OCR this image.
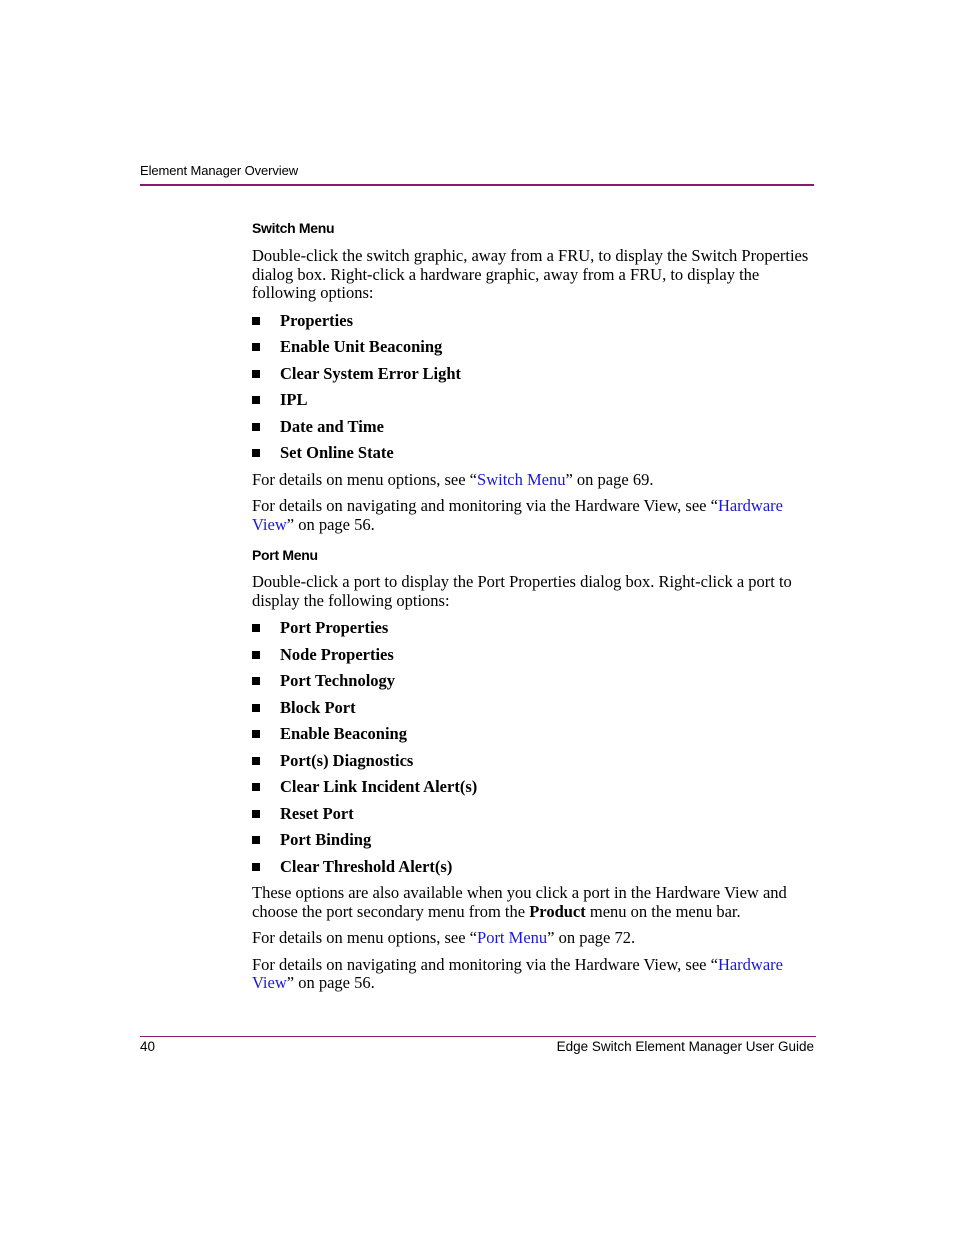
Element Manager Overview
Switch Menu

Double-click the switch graphic, away from a FRU, to display the Switch Properties dialog box. Right-click a hardware graphic, away from a FRU, to display the following options:

Properties
Enable Unit Beaconing
Clear System Error Light
IPL
Date and Time
Set Online State

For details on menu options, see “Switch Menu” on page 69.

For details on navigating and monitoring via the Hardware View, see “Hardware View” on page 56.

Port Menu

Double-click a port to display the Port Properties dialog box. Right-click a port to display the following options:

Port Properties
Node Properties
Port Technology
Block Port
Enable Beaconing
Port(s) Diagnostics
Clear Link Incident Alert(s)
Reset Port
Port Binding
Clear Threshold Alert(s)

These options are also available when you click a port in the Hardware View and choose the port secondary menu from the Product menu on the menu bar.

For details on menu options, see “Port Menu” on page 72.

For details on navigating and monitoring via the Hardware View, see “Hardware View” on page 56.

40	Edge Switch Element Manager User Guide
